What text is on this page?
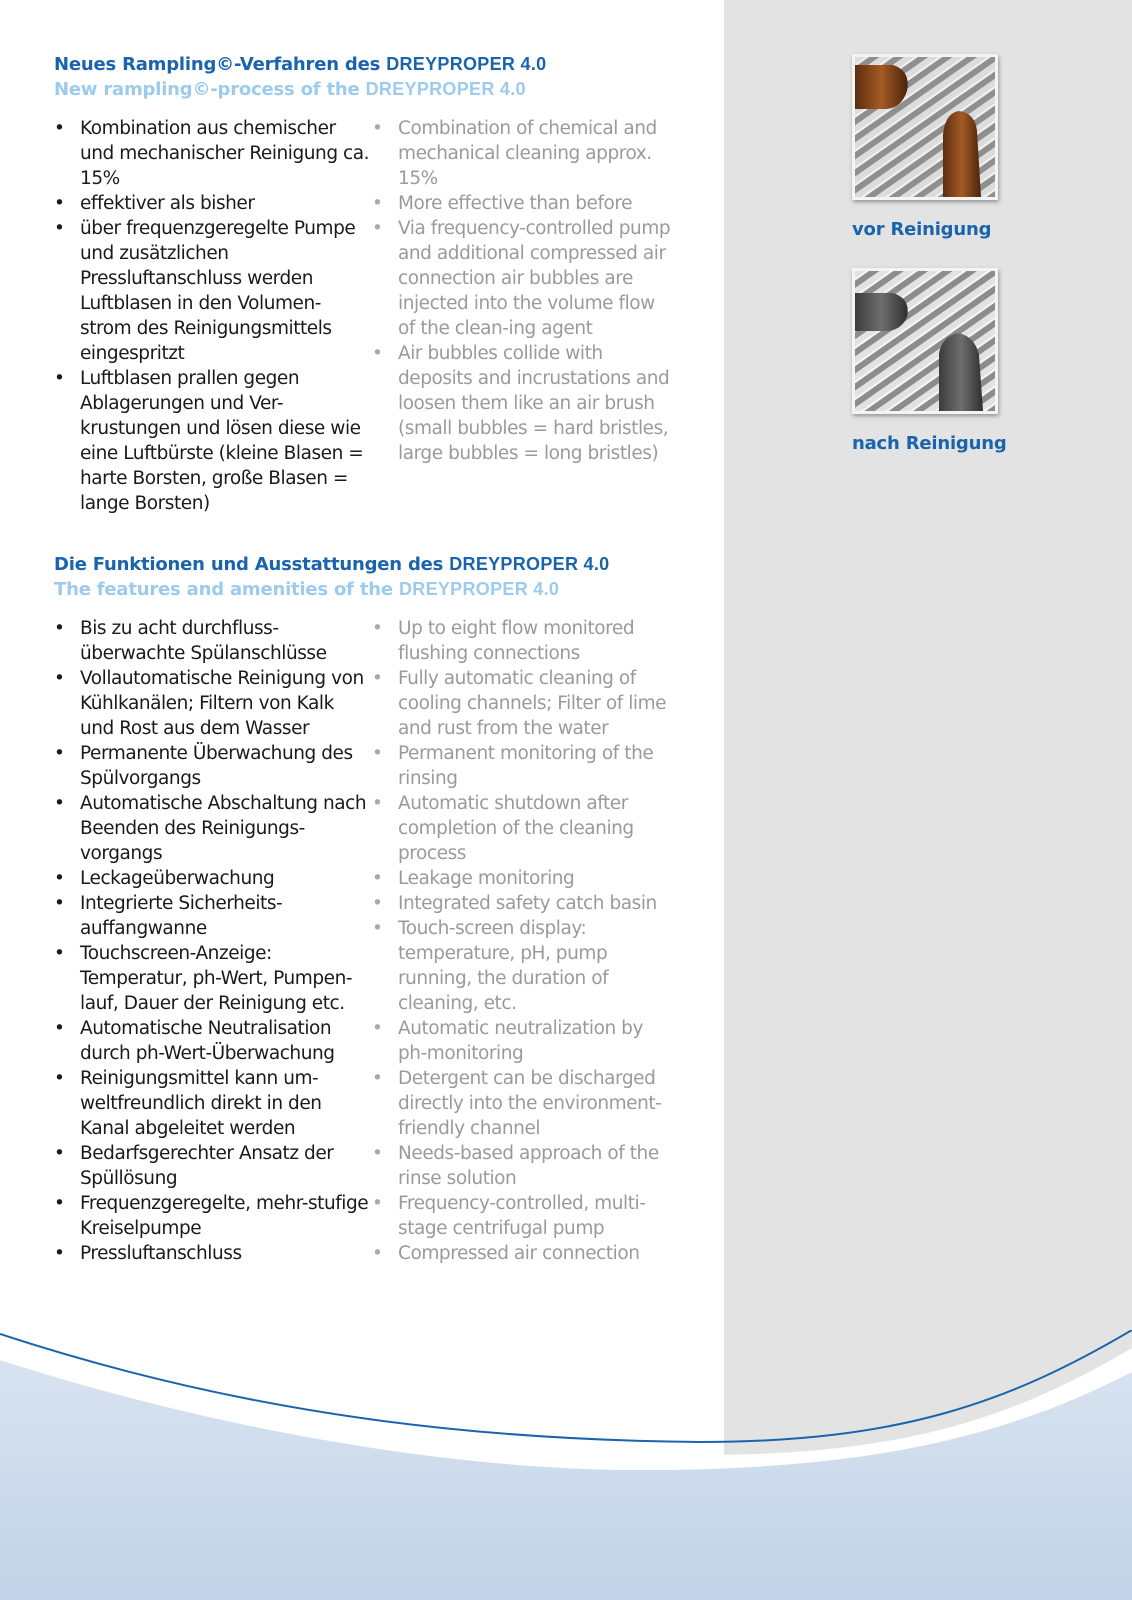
Neues Rampling©-Verfahren des DREYPROPER 4.0
New rampling©-process of the DREYPROPER 4.0
• Kombination aus chemischer und mechanischer Reinigung ca. 15%
• effektiver als bisher
• über frequenzgeregelte Pumpe und zusätzlichen Pressluftanschluss werden Luftblasen in den Volumen-strom des Reinigungsmittels eingespritzt
• Luftblasen prallen gegen Ablagerungen und Ver-krustungen und lösen diese wie eine Luftbürste (kleine Blasen = harte Borsten, große Blasen = lange Borsten)
• Combination of chemical and mechanical cleaning approx. 15%
• More effective than before
• Via frequency-controlled pump and additional compressed air connection air bubbles are injected into the volume flow of the clean-ing agent
• Air bubbles collide with deposits and incrustations and loosen them like an air brush (small bubbles = hard bristles, large bubbles = long bristles)
Die Funktionen und Ausstattungen des DREYPROPER 4.0
The features and amenities of the DREYPROPER 4.0
• Bis zu acht durchfluss-überwachte Spülanschlüsse
• Vollautomatische Reinigung von Kühlkanälen; Filtern von Kalk und Rost aus dem Wasser
• Permanente Überwachung des Spülvorgangs
• Automatische Abschaltung nach Beenden des Reinigungs-vorgangs
• Leckageüberwachung
• Integrierte Sicherheits-auffangwanne
• Touchscreen-Anzeige: Temperatur, ph-Wert, Pumpen-lauf, Dauer der Reinigung etc.
• Automatische Neutralisation durch ph-Wert-Überwachung
• Reinigungsmittel kann um-weltfreundlich direkt in den Kanal abgeleitet werden
• Bedarfsgerechter Ansatz der Spüllösung
• Frequenzgeregelte, mehr-stufige Kreiselpumpe
• Pressluftanschluss
• Up to eight flow monitored flushing connections
• Fully automatic cleaning of cooling channels; Filter of lime and rust from the water
• Permanent monitoring of the rinsing
• Automatic shutdown after completion of the cleaning process
• Leakage monitoring
• Integrated safety catch basin
• Touch-screen display: temperature, pH, pump running, the duration of cleaning, etc.
• Automatic neutralization by ph-monitoring
• Detergent can be discharged directly into the environment-friendly channel
• Needs-based approach of the rinse solution
• Frequency-controlled, multi-stage centrifugal pump
• Compressed air connection
vor Reinigung
nach Reinigung
